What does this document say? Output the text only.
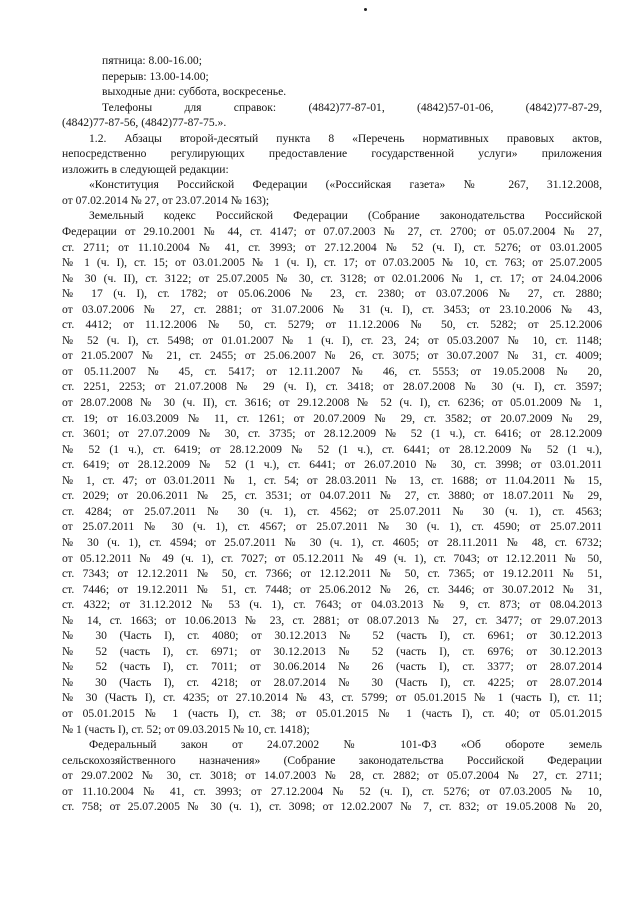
пятница: 8.00-16.00;
перерыв: 13.00-14.00;
выходные дни: суббота, воскресенье.
Телефоны для справок: (4842)77-87-01, (4842)57-01-06, (4842)77-87-29,
(4842)77-87-56, (4842)77-87-75.».
1.2. Абзацы второй-десятый пункта 8 «Перечень нормативных правовых актов,
непосредственно регулирующих предоставление государственной услуги» приложения
изложить в следующей редакции:
«Конституция Российской Федерации («Российская газета» № 267, 31.12.2008,
от 07.02.2014 № 27, от 23.07.2014 № 163);
Земельный кодекс Российской Федерации (Собрание законодательства Российской
Федерации от 29.10.2001 № 44, ст. 4147; от 07.07.2003 № 27, ст. 2700; от 05.07.2004 № 27,
ст. 2711; от 11.10.2004 № 41, ст. 3993; от 27.12.2004 № 52 (ч. I), ст. 5276; от 03.01.2005
№ 1 (ч. I), ст. 15; от 03.01.2005 № 1 (ч. I), ст. 17; от 07.03.2005 № 10, ст. 763; от 25.07.2005
№ 30 (ч. II), ст. 3122; от 25.07.2005 № 30, ст. 3128; от 02.01.2006 № 1, ст. 17; от 24.04.2006
№ 17 (ч. I), ст. 1782; от 05.06.2006 № 23, ст. 2380; от 03.07.2006 № 27, ст. 2880;
от 03.07.2006 № 27, ст. 2881; от 31.07.2006 № 31 (ч. I), ст. 3453; от 23.10.2006 № 43,
ст. 4412; от 11.12.2006 № 50, ст. 5279; от 11.12.2006 № 50, ст. 5282; от 25.12.2006
№ 52 (ч. I), ст. 5498; от 01.01.2007 № 1 (ч. I), ст. 23, 24; от 05.03.2007 № 10, ст. 1148;
от 21.05.2007 № 21, ст. 2455; от 25.06.2007 № 26, ст. 3075; от 30.07.2007 № 31, ст. 4009;
от 05.11.2007 № 45, ст. 5417; от 12.11.2007 № 46, ст. 5553; от 19.05.2008 № 20,
ст. 2251, 2253; от 21.07.2008 № 29 (ч. I), ст. 3418; от 28.07.2008 № 30 (ч. I), ст. 3597;
от 28.07.2008 № 30 (ч. II), ст. 3616; от 29.12.2008 № 52 (ч. I), ст. 6236; от 05.01.2009 № 1,
ст. 19; от 16.03.2009 № 11, ст. 1261; от 20.07.2009 № 29, ст. 3582; от 20.07.2009 № 29,
ст. 3601; от 27.07.2009 № 30, ст. 3735; от 28.12.2009 № 52 (1 ч.), ст. 6416; от 28.12.2009
№ 52 (1 ч.), ст. 6419; от 28.12.2009 № 52 (1 ч.), ст. 6441; от 28.12.2009 № 52 (1 ч.),
ст. 6419; от 28.12.2009 № 52 (1 ч.), ст. 6441; от 26.07.2010 № 30, ст. 3998; от 03.01.2011
№ 1, ст. 47; от 03.01.2011 № 1, ст. 54; от 28.03.2011 № 13, ст. 1688; от 11.04.2011 № 15,
ст. 2029; от 20.06.2011 № 25, ст. 3531; от 04.07.2011 № 27, ст. 3880; от 18.07.2011 № 29,
ст. 4284; от 25.07.2011 № 30 (ч. 1), ст. 4562; от 25.07.2011 № 30 (ч. 1), ст. 4563;
от 25.07.2011 № 30 (ч. 1), ст. 4567; от 25.07.2011 № 30 (ч. 1), ст. 4590; от 25.07.2011
№ 30 (ч. 1), ст. 4594; от 25.07.2011 № 30 (ч. 1), ст. 4605; от 28.11.2011 № 48, ст. 6732;
от 05.12.2011 № 49 (ч. 1), ст. 7027; от 05.12.2011 № 49 (ч. 1), ст. 7043; от 12.12.2011 № 50,
ст. 7343; от 12.12.2011 № 50, ст. 7366; от 12.12.2011 № 50, ст. 7365; от 19.12.2011 № 51,
ст. 7446; от 19.12.2011 № 51, ст. 7448; от 25.06.2012 № 26, ст. 3446; от 30.07.2012 № 31,
ст. 4322; от 31.12.2012 № 53 (ч. 1), ст. 7643; от 04.03.2013 № 9, ст. 873; от 08.04.2013
№ 14, ст. 1663; от 10.06.2013 № 23, ст. 2881; от 08.07.2013 № 27, ст. 3477; от 29.07.2013
№ 30 (Часть I), ст. 4080; от 30.12.2013 № 52 (часть I), ст. 6961; от 30.12.2013
№ 52 (часть I), ст. 6971; от 30.12.2013 № 52 (часть I), ст. 6976; от 30.12.2013
№ 52 (часть I), ст. 7011; от 30.06.2014 № 26 (часть I), ст. 3377; от 28.07.2014
№ 30 (Часть I), ст. 4218; от 28.07.2014 № 30 (Часть I), ст. 4225; от 28.07.2014
№ 30 (Часть I), ст. 4235; от 27.10.2014 № 43, ст. 5799; от 05.01.2015 № 1 (часть I), ст. 11;
от 05.01.2015 № 1 (часть I), ст. 38; от 05.01.2015 № 1 (часть I), ст. 40; от 05.01.2015
№ 1 (часть I), ст. 52; от 09.03.2015 № 10, ст. 1418);
Федеральный закон от 24.07.2002 № 101-ФЗ «Об обороте земель
сельскохозяйственного назначения» (Собрание законодательства Российской Федерации
от 29.07.2002 № 30, ст. 3018; от 14.07.2003 № 28, ст. 2882; от 05.07.2004 № 27, ст. 2711;
от 11.10.2004 № 41, ст. 3993; от 27.12.2004 № 52 (ч. I), ст. 5276; от 07.03.2005 № 10,
ст. 758; от 25.07.2005 № 30 (ч. 1), ст. 3098; от 12.02.2007 № 7, ст. 832; от 19.05.2008 № 20,
